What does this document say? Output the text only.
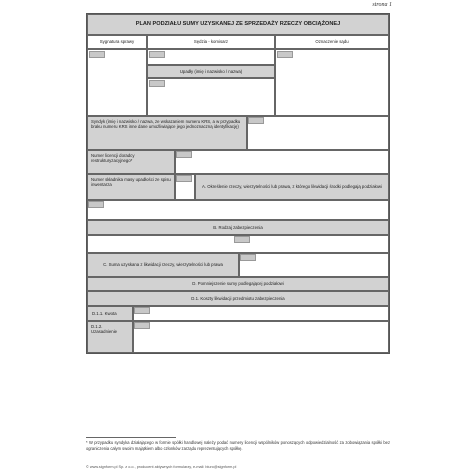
strona 1
PLAN PODZIAŁU SUMY UZYSKANEJ ZE SPRZEDAŻY RZECZY OBCIĄŻONEJ
Sygnatura sprawy	Sędzia - komisarz	Oznaczenie sądu
Upadły (imię i nazwisko / nazwa)
Syndyk (imię i nazwisko / nazwa, ze wskazaniem numeru KRS, a w przypadku braku numeru KRS inne dane umożliwiające jego jednoznaczną identyfikację)
Numer licencji doradcy restrukturyzacyjnego*
Numer składnika masy upadłości ze spisu inwentarza	A. Określenie rzeczy, wierzytelności lub prawa, z którego likwidacji środki podlegają podziałowi
B. Rodzaj zabezpieczenia
C. Suma uzyskana z likwidacji rzeczy, wierzytelności lub prawa
D. Pomniejszenie sumy podlegającej podziałowi
D.1. Koszty likwidacji przedmiotu zabezpieczenia
D.1.1. Kwota
D.1.2. Uzasadnienie
* W przypadku syndyka działającego w formie spółki handlowej należy podać numery licencji wspólników ponoszących odpowiedzialność za zobowiązania spółki bez ograniczenia całym swoim majątkiem albo członków zarządu reprezentujących spółkę.
© www.signform.pl Sp. z o.o., producent aktywnych formularzy, e-mail: biuro@signform.pl
